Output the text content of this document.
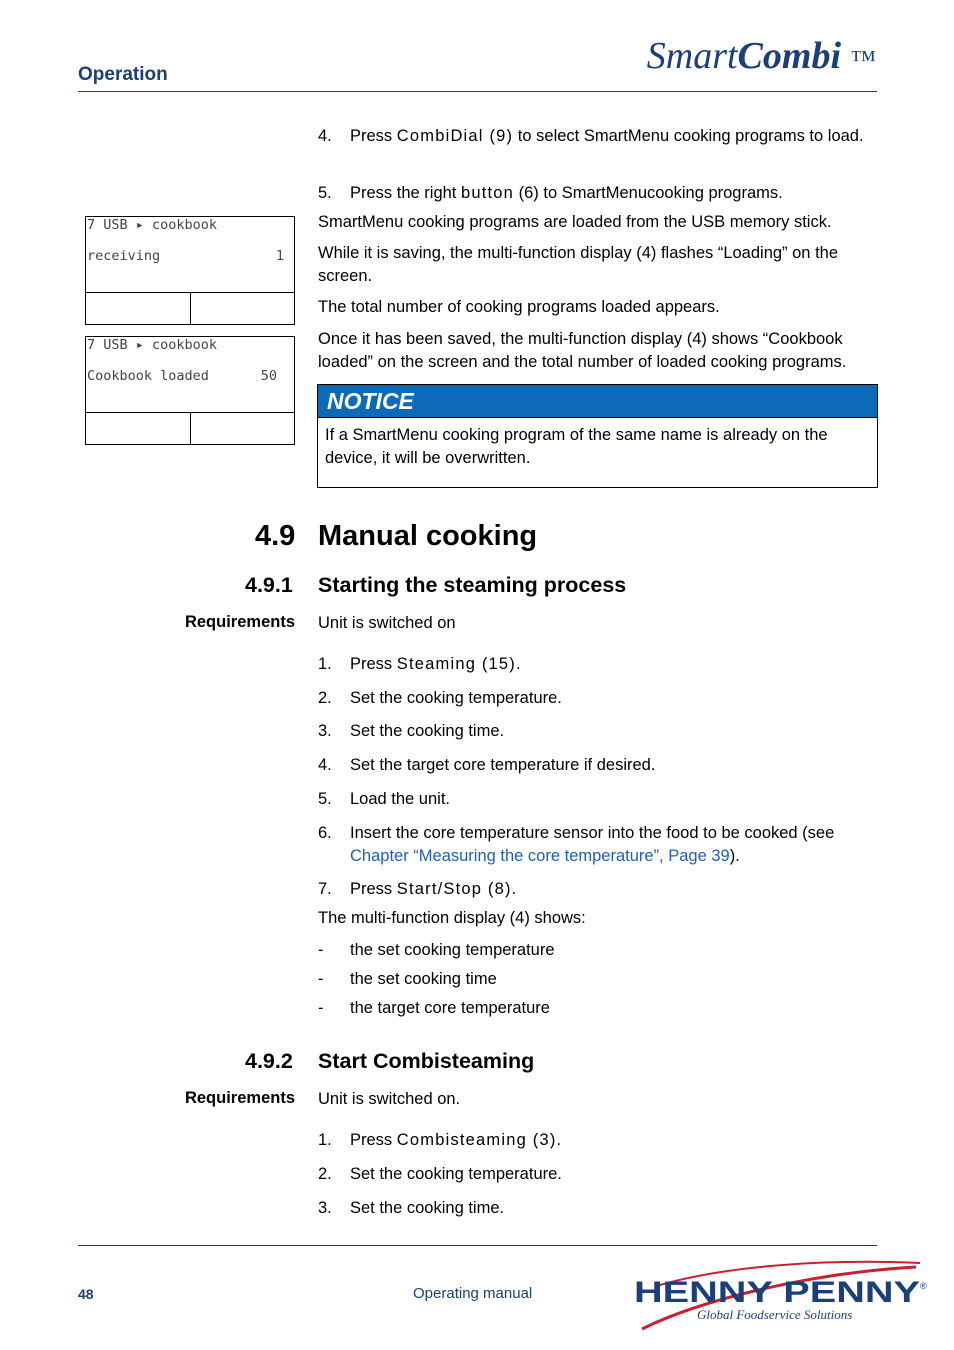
Operation	SmartCombi ™
7 USB ▸ cookbook
receiving	1
7 USB ▸ cookbook
Cookbook loaded	50
4.	Press CombiDial (9) to select SmartMenu cooking programs to load.
5.	Press the right button (6) to SmartMenucooking programs.
SmartMenu cooking programs are loaded from the USB memory stick.
While it is saving, the multi-function display (4) flashes “Loading” on the screen.
The total number of cooking programs loaded appears.
Once it has been saved, the multi-function display (4) shows “Cookbook loaded” on the screen and the total number of loaded cooking programs.
NOTICE
If a SmartMenu cooking program of the same name is already on the device, it will be overwritten.
4.9 Manual cooking
4.9.1 Starting the steaming process
Requirements Unit is switched on
1.	Press Steaming (15).
2.	Set the cooking temperature.
3.	Set the cooking time.
4.	Set the target core temperature if desired.
5.	Load the unit.
6.	Insert the core temperature sensor into the food to be cooked (see Chapter “Measuring the core temperature”, Page 39).
7.	Press Start/Stop (8).
The multi-function display (4) shows:
-	the set cooking temperature
-	the set cooking time
-	the target core temperature
4.9.2 Start Combisteaming
Requirements Unit is switched on.
1.	Press Combisteaming (3).
2.	Set the cooking temperature.
3.	Set the cooking time.
48	Operating manual	HENNY PENNY ®
Global Foodservice Solutions
